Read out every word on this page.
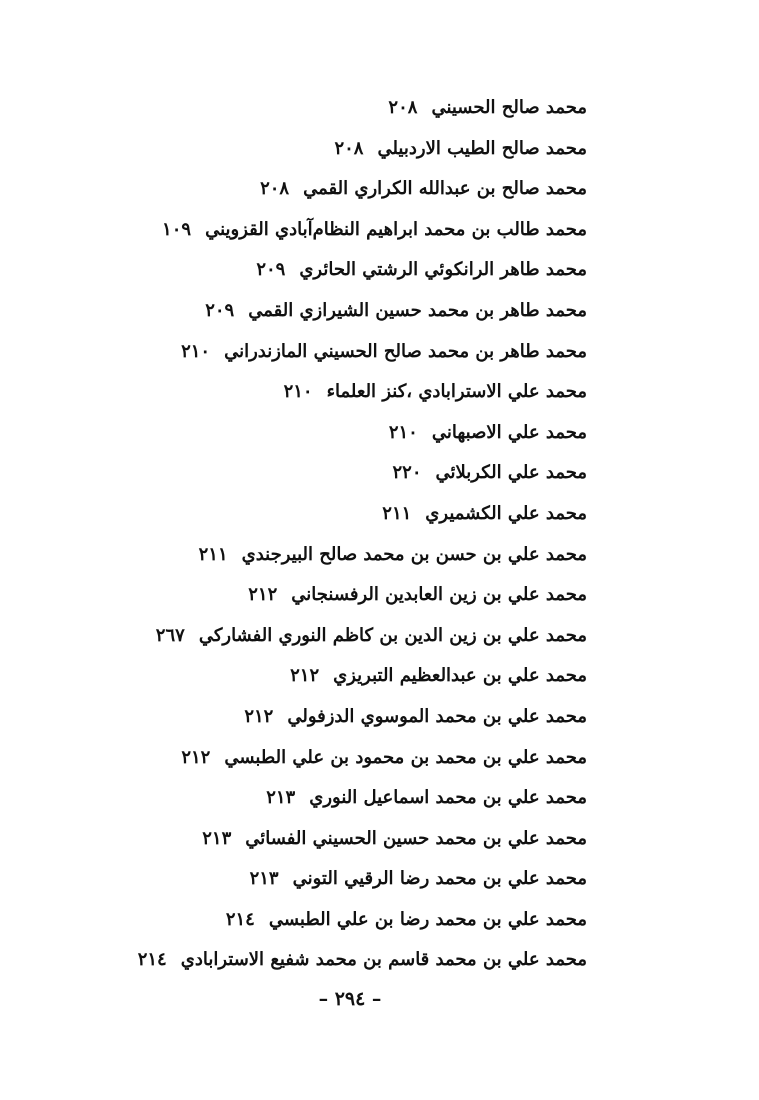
محمد صالح الحسيني٢٠٨
محمد صالح الطيب الاردبيلي٢٠٨
محمد صالح بن عبدالله الكراري القمي٢٠٨
محمد طالب بن محمد ابراهيم النظام‌آبادي القزويني١٠٩
محمد طاهر الرانكوئي الرشتي الحائري٢٠٩
محمد طاهر بن محمد حسين الشيرازي القمي٢٠٩
محمد طاهر بن محمد صالح الحسيني المازندراني٢١٠
محمد علي الاسترابادي ،كنز العلماء٢١٠
محمد علي الاصبهاني٢١٠
محمد علي الكربلائي٢٢٠
محمد علي الكشميري٢١١
محمد علي بن حسن بن محمد صالح البيرجندي٢١١
محمد علي بن زين العابدين الرفسنجاني٢١٢
محمد علي بن زين الدين بن كاظم النوري الفشاركي٢٦٧
محمد علي بن عبدالعظيم التبريزي٢١٢
محمد علي بن محمد الموسوي الدزفولي٢١٢
محمد علي بن محمد بن محمود بن علي الطبسي٢١٢
محمد علي بن محمد اسماعيل النوري٢١٣
محمد علي بن محمد حسين الحسيني الفسائي٢١٣
محمد علي بن محمد رضا الرقيي التوني٢١٣
محمد علي بن محمد رضا بن علي الطبسي٢١٤
محمد علي بن محمد قاسم بن محمد شفيع الاسترابادي٢١٤
– ٢٩٤ –
